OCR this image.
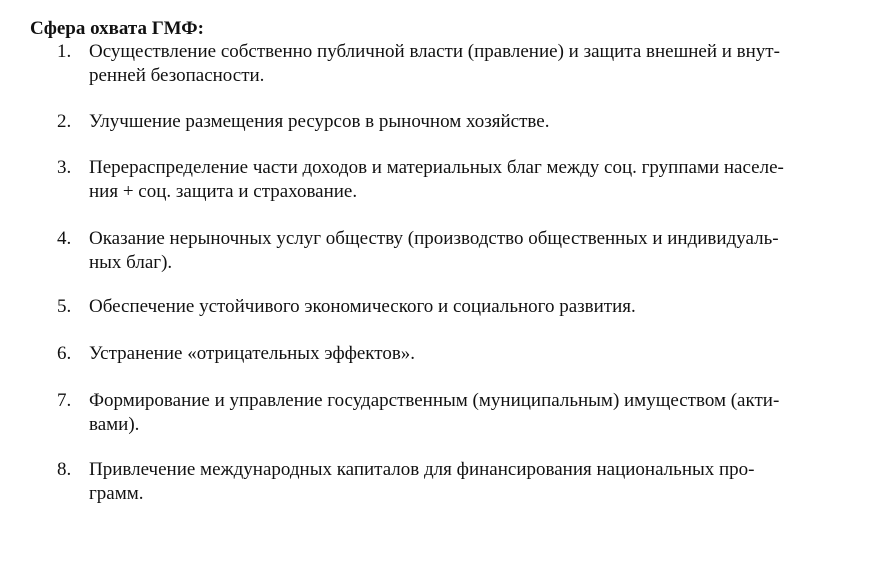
Сфера охвата ГМФ:
1. Осуществление собственно публичной власти (правление) и защита внешней и внут-
ренней безопасности.
2. Улучшение размещения ресурсов в рыночном хозяйстве.
3. Перераспределение части доходов и материальных благ между соц. группами населе-
ния + соц. защита и страхование.
4. Оказание нерыночных услуг обществу (производство общественных и индивидуаль-
ных благ).
5. Обеспечение устойчивого экономического и социального развития.
6. Устранение «отрицательных эффектов».
7. Формирование и управление государственным (муниципальным) имуществом (акти-
вами).
8. Привлечение международных капиталов для финансирования национальных про-
грамм.
